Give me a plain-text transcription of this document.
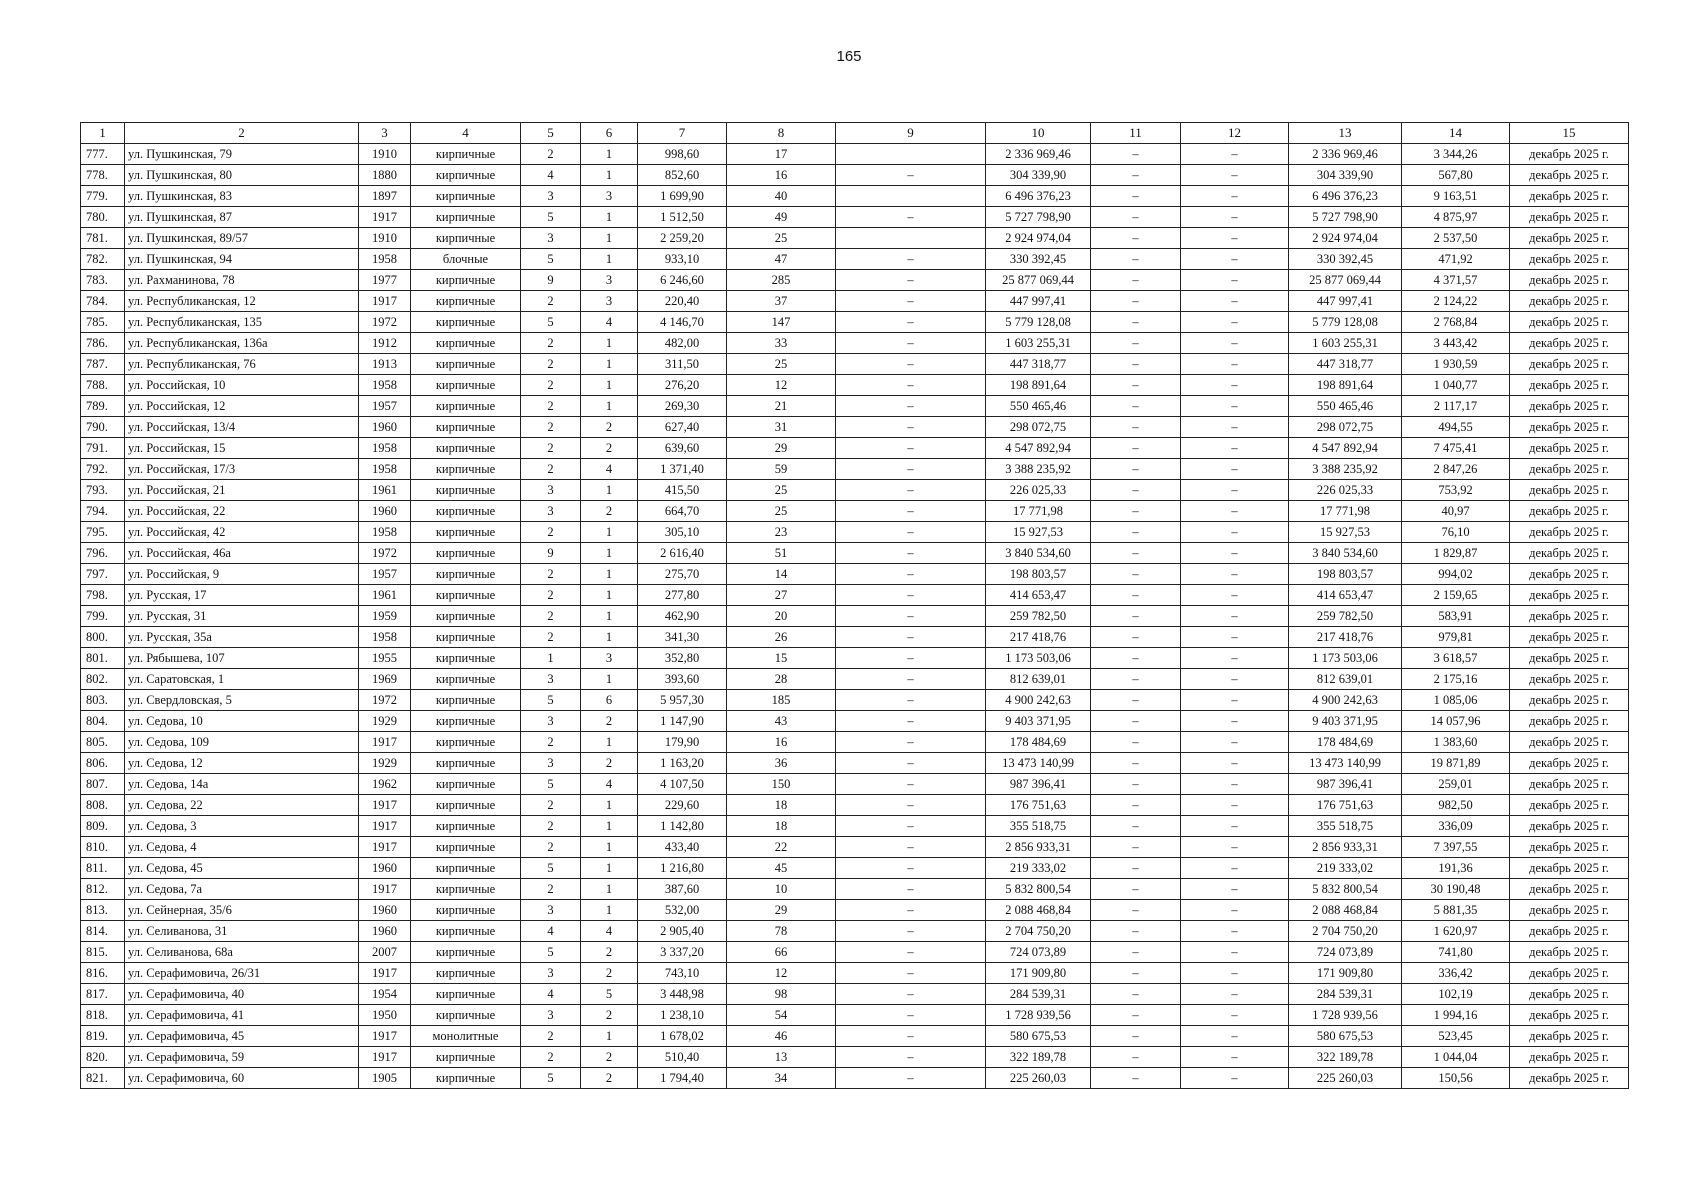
165
1	2	3	4	5	6	7	8	9	10	11	12	13	14	15
777.	ул. Пушкинская, 79	1910	кирпичные	2	1	998,60	17		2 336 969,46	–	–	2 336 969,46	3 344,26	декабрь 2025 г.
778.	ул. Пушкинская, 80	1880	кирпичные	4	1	852,60	16	–	304 339,90	–	–	304 339,90	567,80	декабрь 2025 г.
779.	ул. Пушкинская, 83	1897	кирпичные	3	3	1 699,90	40		6 496 376,23	–	–	6 496 376,23	9 163,51	декабрь 2025 г.
780.	ул. Пушкинская, 87	1917	кирпичные	5	1	1 512,50	49	–	5 727 798,90	–	–	5 727 798,90	4 875,97	декабрь 2025 г.
781.	ул. Пушкинская, 89/57	1910	кирпичные	3	1	2 259,20	25		2 924 974,04	–	–	2 924 974,04	2 537,50	декабрь 2025 г.
782.	ул. Пушкинская, 94	1958	блочные	5	1	933,10	47	–	330 392,45	–	–	330 392,45	471,92	декабрь 2025 г.
783.	ул. Рахманинова, 78	1977	кирпичные	9	3	6 246,60	285	–	25 877 069,44	–	–	25 877 069,44	4 371,57	декабрь 2025 г.
784.	ул. Республиканская, 12	1917	кирпичные	2	3	220,40	37	–	447 997,41	–	–	447 997,41	2 124,22	декабрь 2025 г.
785.	ул. Республиканская, 135	1972	кирпичные	5	4	4 146,70	147	–	5 779 128,08	–	–	5 779 128,08	2 768,84	декабрь 2025 г.
786.	ул. Республиканская, 136а	1912	кирпичные	2	1	482,00	33	–	1 603 255,31	–	–	1 603 255,31	3 443,42	декабрь 2025 г.
787.	ул. Республиканская, 76	1913	кирпичные	2	1	311,50	25	–	447 318,77	–	–	447 318,77	1 930,59	декабрь 2025 г.
788.	ул. Российская, 10	1958	кирпичные	2	1	276,20	12	–	198 891,64	–	–	198 891,64	1 040,77	декабрь 2025 г.
789.	ул. Российская, 12	1957	кирпичные	2	1	269,30	21	–	550 465,46	–	–	550 465,46	2 117,17	декабрь 2025 г.
790.	ул. Российская, 13/4	1960	кирпичные	2	2	627,40	31	–	298 072,75	–	–	298 072,75	494,55	декабрь 2025 г.
791.	ул. Российская, 15	1958	кирпичные	2	2	639,60	29	–	4 547 892,94	–	–	4 547 892,94	7 475,41	декабрь 2025 г.
792.	ул. Российская, 17/3	1958	кирпичные	2	4	1 371,40	59	–	3 388 235,92	–	–	3 388 235,92	2 847,26	декабрь 2025 г.
793.	ул. Российская, 21	1961	кирпичные	3	1	415,50	25	–	226 025,33	–	–	226 025,33	753,92	декабрь 2025 г.
794.	ул. Российская, 22	1960	кирпичные	3	2	664,70	25	–	17 771,98	–	–	17 771,98	40,97	декабрь 2025 г.
795.	ул. Российская, 42	1958	кирпичные	2	1	305,10	23	–	15 927,53	–	–	15 927,53	76,10	декабрь 2025 г.
796.	ул. Российская, 46а	1972	кирпичные	9	1	2 616,40	51	–	3 840 534,60	–	–	3 840 534,60	1 829,87	декабрь 2025 г.
797.	ул. Российская, 9	1957	кирпичные	2	1	275,70	14	–	198 803,57	–	–	198 803,57	994,02	декабрь 2025 г.
798.	ул. Русская, 17	1961	кирпичные	2	1	277,80	27	–	414 653,47	–	–	414 653,47	2 159,65	декабрь 2025 г.
799.	ул. Русская, 31	1959	кирпичные	2	1	462,90	20	–	259 782,50	–	–	259 782,50	583,91	декабрь 2025 г.
800.	ул. Русская, 35а	1958	кирпичные	2	1	341,30	26	–	217 418,76	–	–	217 418,76	979,81	декабрь 2025 г.
801.	ул. Рябышева, 107	1955	кирпичные	1	3	352,80	15	–	1 173 503,06	–	–	1 173 503,06	3 618,57	декабрь 2025 г.
802.	ул. Саратовская, 1	1969	кирпичные	3	1	393,60	28	–	812 639,01	–	–	812 639,01	2 175,16	декабрь 2025 г.
803.	ул. Свердловская, 5	1972	кирпичные	5	6	5 957,30	185	–	4 900 242,63	–	–	4 900 242,63	1 085,06	декабрь 2025 г.
804.	ул. Седова, 10	1929	кирпичные	3	2	1 147,90	43	–	9 403 371,95	–	–	9 403 371,95	14 057,96	декабрь 2025 г.
805.	ул. Седова, 109	1917	кирпичные	2	1	179,90	16	–	178 484,69	–	–	178 484,69	1 383,60	декабрь 2025 г.
806.	ул. Седова, 12	1929	кирпичные	3	2	1 163,20	36	–	13 473 140,99	–	–	13 473 140,99	19 871,89	декабрь 2025 г.
807.	ул. Седова, 14а	1962	кирпичные	5	4	4 107,50	150	–	987 396,41	–	–	987 396,41	259,01	декабрь 2025 г.
808.	ул. Седова, 22	1917	кирпичные	2	1	229,60	18	–	176 751,63	–	–	176 751,63	982,50	декабрь 2025 г.
809.	ул. Седова, 3	1917	кирпичные	2	1	1 142,80	18	–	355 518,75	–	–	355 518,75	336,09	декабрь 2025 г.
810.	ул. Седова, 4	1917	кирпичные	2	1	433,40	22	–	2 856 933,31	–	–	2 856 933,31	7 397,55	декабрь 2025 г.
811.	ул. Седова, 45	1960	кирпичные	5	1	1 216,80	45	–	219 333,02	–	–	219 333,02	191,36	декабрь 2025 г.
812.	ул. Седова, 7а	1917	кирпичные	2	1	387,60	10	–	5 832 800,54	–	–	5 832 800,54	30 190,48	декабрь 2025 г.
813.	ул. Сейнерная, 35/6	1960	кирпичные	3	1	532,00	29	–	2 088 468,84	–	–	2 088 468,84	5 881,35	декабрь 2025 г.
814.	ул. Селиванова, 31	1960	кирпичные	4	4	2 905,40	78	–	2 704 750,20	–	–	2 704 750,20	1 620,97	декабрь 2025 г.
815.	ул. Селиванова, 68а	2007	кирпичные	5	2	3 337,20	66	–	724 073,89	–	–	724 073,89	741,80	декабрь 2025 г.
816.	ул. Серафимовича, 26/31	1917	кирпичные	3	2	743,10	12	–	171 909,80	–	–	171 909,80	336,42	декабрь 2025 г.
817.	ул. Серафимовича, 40	1954	кирпичные	4	5	3 448,98	98	–	284 539,31	–	–	284 539,31	102,19	декабрь 2025 г.
818.	ул. Серафимовича, 41	1950	кирпичные	3	2	1 238,10	54	–	1 728 939,56	–	–	1 728 939,56	1 994,16	декабрь 2025 г.
819.	ул. Серафимовича, 45	1917	монолитные	2	1	1 678,02	46	–	580 675,53	–	–	580 675,53	523,45	декабрь 2025 г.
820.	ул. Серафимовича, 59	1917	кирпичные	2	2	510,40	13	–	322 189,78	–	–	322 189,78	1 044,04	декабрь 2025 г.
821.	ул. Серафимовича, 60	1905	кирпичные	5	2	1 794,40	34	–	225 260,03	–	–	225 260,03	150,56	декабрь 2025 г.
